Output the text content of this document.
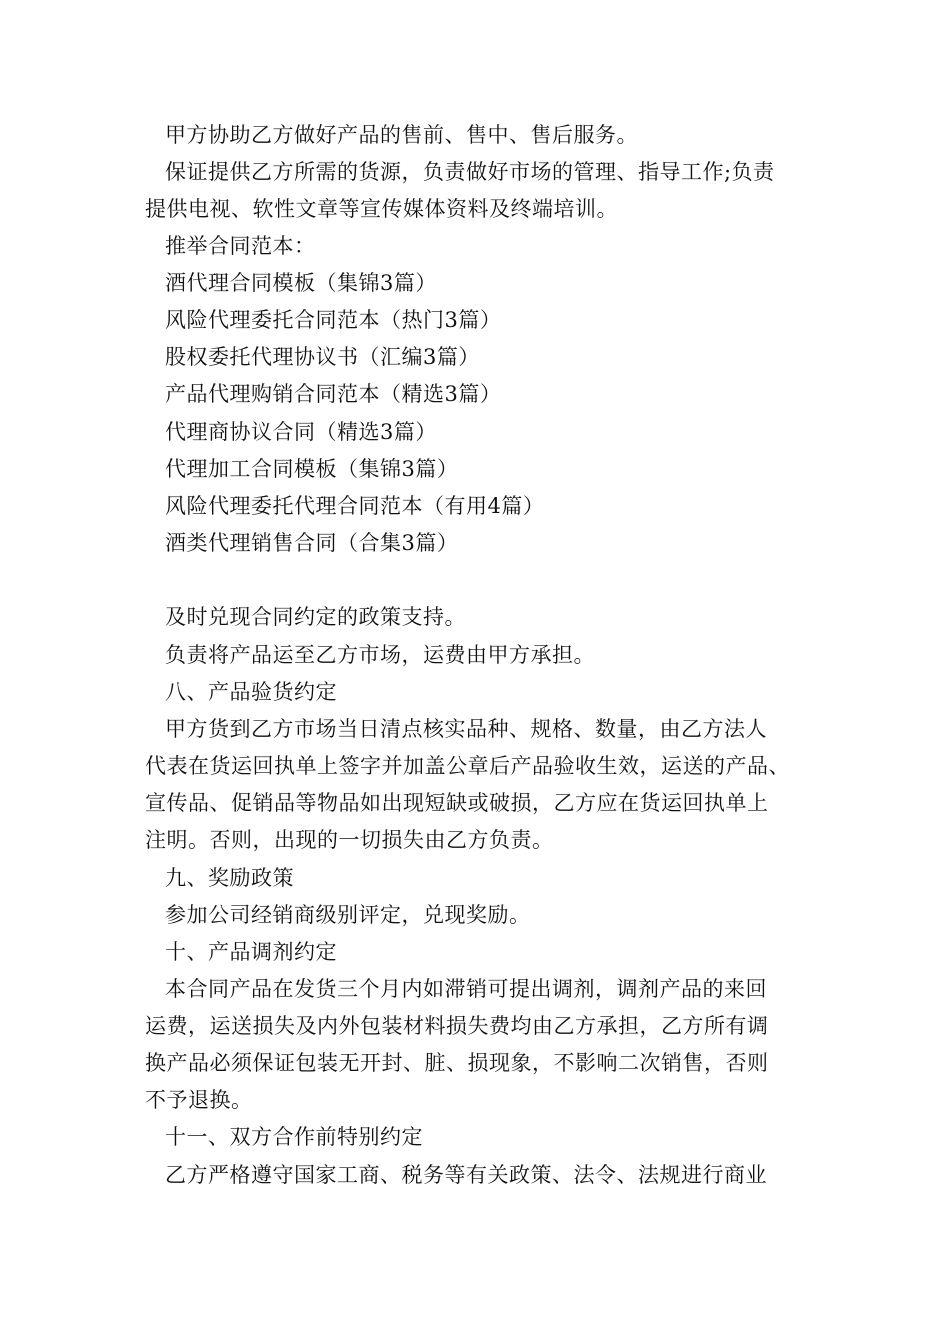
甲方协助乙方做好产品的售前、售中、售后服务。
保证提供乙方所需的货源，负责做好市场的管理、指导工作;负责
提供电视、软性文章等宣传媒体资料及终端培训。
推举合同范本：
酒代理合同模板（集锦3篇）
风险代理委托合同范本（热门3篇）
股权委托代理协议书（汇编3篇）
产品代理购销合同范本（精选3篇）
代理商协议合同（精选3篇）
代理加工合同模板（集锦3篇）
风险代理委托代理合同范本（有用4篇）
酒类代理销售合同（合集3篇）
及时兑现合同约定的政策支持。
负责将产品运至乙方市场，运费由甲方承担。
八、产品验货约定
甲方货到乙方市场当日清点核实品种、规格、数量，由乙方法人
代表在货运回执单上签字并加盖公章后产品验收生效，运送的产品、
宣传品、促销品等物品如出现短缺或破损，乙方应在货运回执单上
注明。否则，出现的一切损失由乙方负责。
九、奖励政策
参加公司经销商级别评定，兑现奖励。
十、产品调剂约定
本合同产品在发货三个月内如滞销可提出调剂，调剂产品的来回
运费，运送损失及内外包装材料损失费均由乙方承担，乙方所有调
换产品必须保证包装无开封、脏、损现象，不影响二次销售，否则
不予退换。
十一、双方合作前特别约定
乙方严格遵守国家工商、税务等有关政策、法令、法规进行商业
